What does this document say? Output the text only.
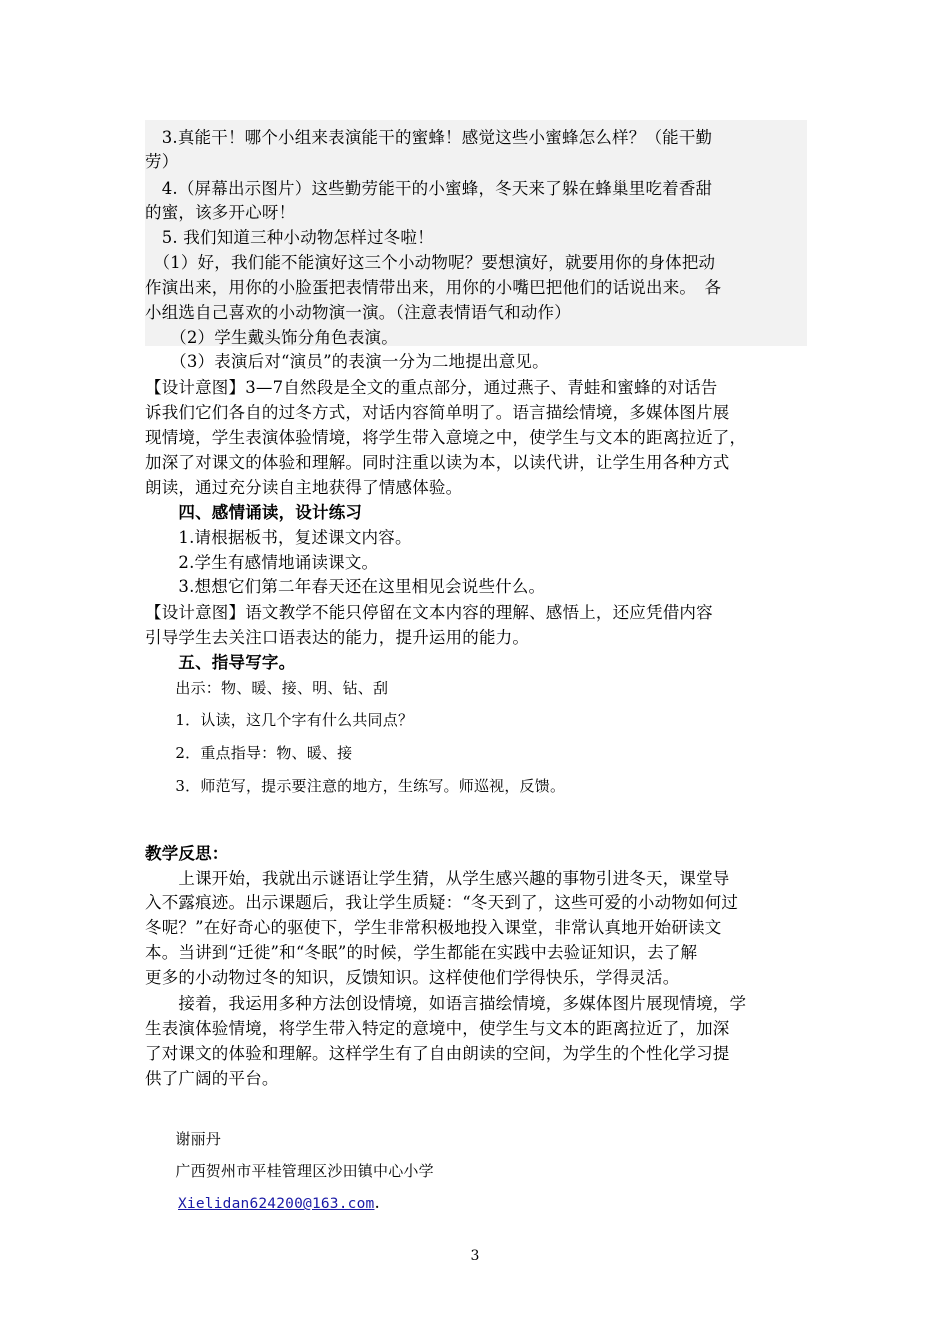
　3.真能干！哪个小组来表演能干的蜜蜂！感觉这些小蜜蜂怎么样？（能干勤
劳）
　4.（屏幕出示图片）这些勤劳能干的小蜜蜂，冬天来了躲在蜂巢里吃着香甜
的蜜，该多开心呀！
　5. 我们知道三种小动物怎样过冬啦！
　（1）好，我们能不能演好这三个小动物呢？要想演好，就要用你的身体把动
作演出来，用你的小脸蛋把表情带出来，用你的小嘴巴把他们的话说出来。　各
小组选自己喜欢的小动物演一演。（注意表情语气和动作）
　　（2）学生戴头饰分角色表演。
　　（3）表演后对“演员”的表演一分为二地提出意见。
【设计意图】3—7自然段是全文的重点部分，通过燕子、青蛙和蜜蜂的对话告
诉我们它们各自的过冬方式，对话内容简单明了。语言描绘情境，多媒体图片展
现情境，学生表演体验情境，将学生带入意境之中，使学生与文本的距离拉近了，
加深了对课文的体验和理解。同时注重以读为本，以读代讲，让学生用各种方式
朗读，通过充分读自主地获得了情感体验。
　　四、感情诵读，设计练习
　　1.请根据板书，复述课文内容。
　　2.学生有感情地诵读课文。
　　3.想想它们第二年春天还在这里相见会说些什么。
【设计意图】语文教学不能只停留在文本内容的理解、感悟上，还应凭借内容
引导学生去关注口语表达的能力，提升运用的能力。
　　五、指导写字。
　　出示：物、暖、接、明、钻、刮
　　1．认读，这几个字有什么共同点？
　　2．重点指导：物、暖、接
　　3．师范写，提示要注意的地方，生练写。师巡视，反馈。
教学反思：
　　上课开始，我就出示谜语让学生猜，从学生感兴趣的事物引进冬天，课堂导
入不露痕迹。出示课题后，我让学生质疑：“冬天到了，这些可爱的小动物如何过
冬呢？”在好奇心的驱使下，学生非常积极地投入课堂，非常认真地开始研读文
本。当讲到“迁徙”和“冬眠”的时候，学生都能在实践中去验证知识，去了解
更多的小动物过冬的知识，反馈知识。这样使他们学得快乐，学得灵活。
　　接着，我运用多种方法创设情境，如语言描绘情境，多媒体图片展现情境，学
生表演体验情境，将学生带入特定的意境中，使学生与文本的距离拉近了，加深
了对课文的体验和理解。这样学生有了自由朗读的空间，为学生的个性化学习提
供了广阔的平台。
　　谢丽丹
　　广西贺州市平桂管理区沙田镇中心小学
Xielidan624200@163.com.
3
